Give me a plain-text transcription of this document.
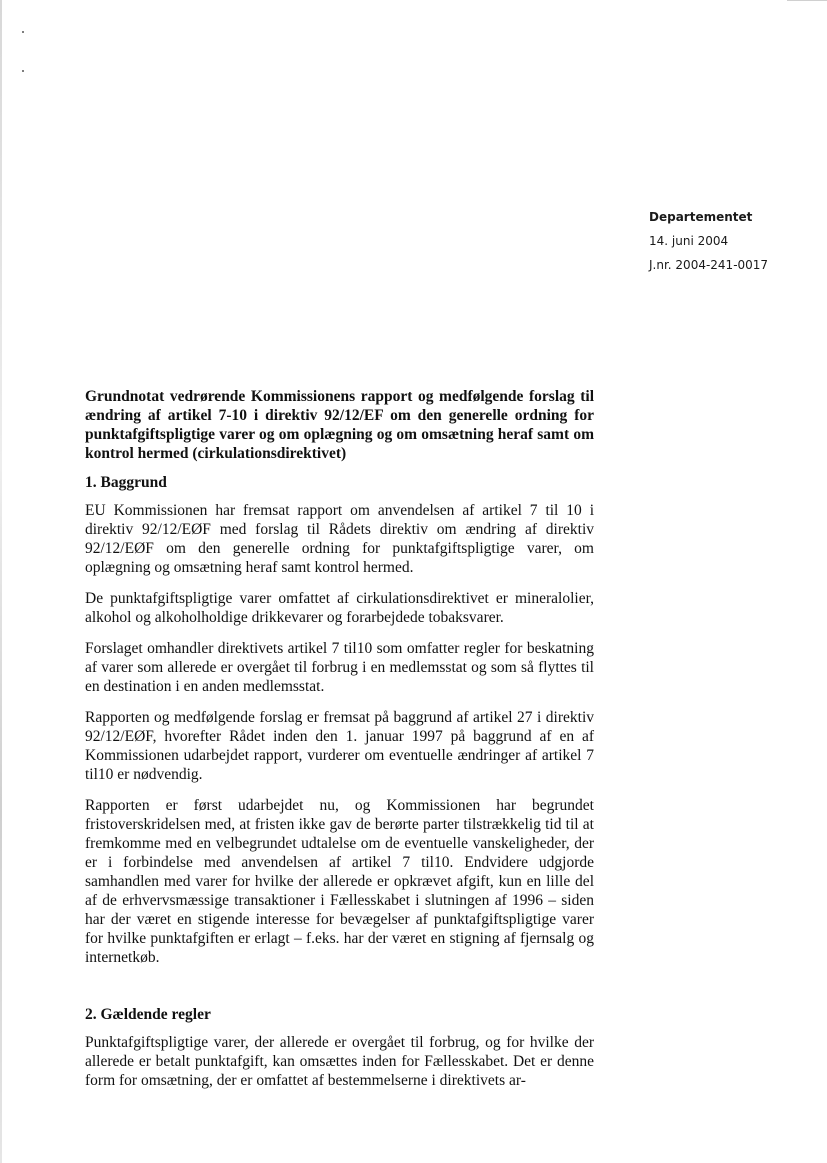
Departementet
14. juni 2004
J.nr. 2004-241-0017
Grundnotat vedrørende Kommissionens rapport og medfølgende forslag til ændring af artikel 7-10 i direktiv 92/12/EF om den generelle ordning for punktafgiftspligtige varer og om oplægning og om omsætning heraf samt om kontrol hermed (cirkulationsdirektivet)
1. Baggrund

EU Kommissionen har fremsat rapport om anvendelsen af artikel 7 til 10 i direktiv 92/12/EØF med forslag til Rådets direktiv om ændring af direktiv 92/12/EØF om den generelle ordning for punktafgiftspligtige varer, om oplægning og omsætning heraf samt kontrol hermed.

De punktafgiftspligtige varer omfattet af cirkulationsdirektivet er mineralolier, alkohol og alkoholholdige drikkevarer og forarbejdede tobaksvarer.

Forslaget omhandler direktivets artikel 7 til10 som omfatter regler for beskatning af varer som allerede er overgået til forbrug i en medlemsstat og som så flyttes til en destination i en anden medlemsstat.

Rapporten og medfølgende forslag er fremsat på baggrund af artikel 27 i direktiv 92/12/EØF, hvorefter Rådet inden den 1. januar 1997 på baggrund af en af Kommissionen udarbejdet rapport, vurderer om eventuelle ændringer af artikel 7 til10 er nødvendig.

Rapporten er først udarbejdet nu, og Kommissionen har begrundet fristoverskridelsen med, at fristen ikke gav de berørte parter tilstrækkelig tid til at fremkomme med en velbegrundet udtalelse om de eventuelle vanskeligheder, der er i forbindelse med anvendelsen af artikel 7 til10. Endvidere udgjorde samhandlen med varer for hvilke der allerede er opkrævet afgift, kun en lille del af de erhvervsmæssige transaktioner i Fællesskabet i slutningen af 1996 – siden har der været en stigende interesse for bevægelser af punktafgiftspligtige varer for hvilke punktafgiften er erlagt – f.eks. har der været en stigning af fjernsalg og internetkøb.

2. Gældende regler

Punktafgiftspligtige varer, der allerede er overgået til forbrug, og for hvilke der allerede er betalt punktafgift, kan omsættes inden for Fællesskabet. Det er denne form for omsætning, der er omfattet af bestemmelserne i direktivets ar-
